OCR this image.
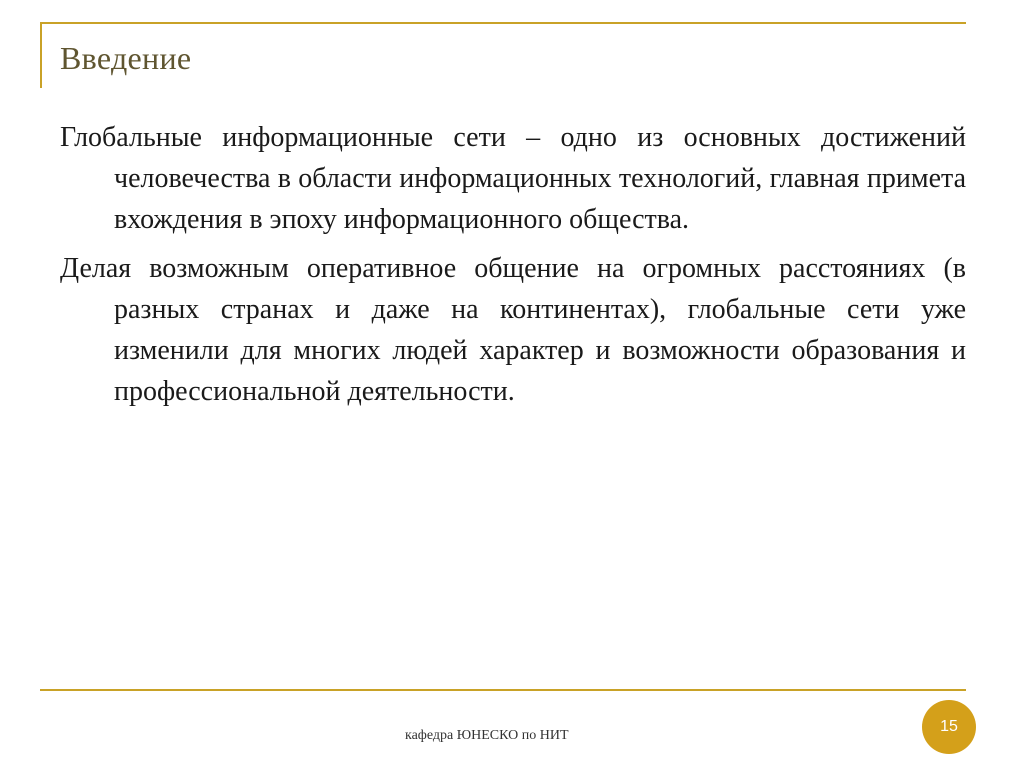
Введение

Глобальные информационные сети – одно из основных достижений человечества в области информационных технологий, главная примета вхождения в эпоху информационного общества.

Делая возможным оперативное общение на огромных расстояниях (в разных странах и даже на континентах), глобальные сети уже изменили для многих людей характер и возможности образования и профессиональной деятельности.

кафедра ЮНЕСКО по НИТ
15
